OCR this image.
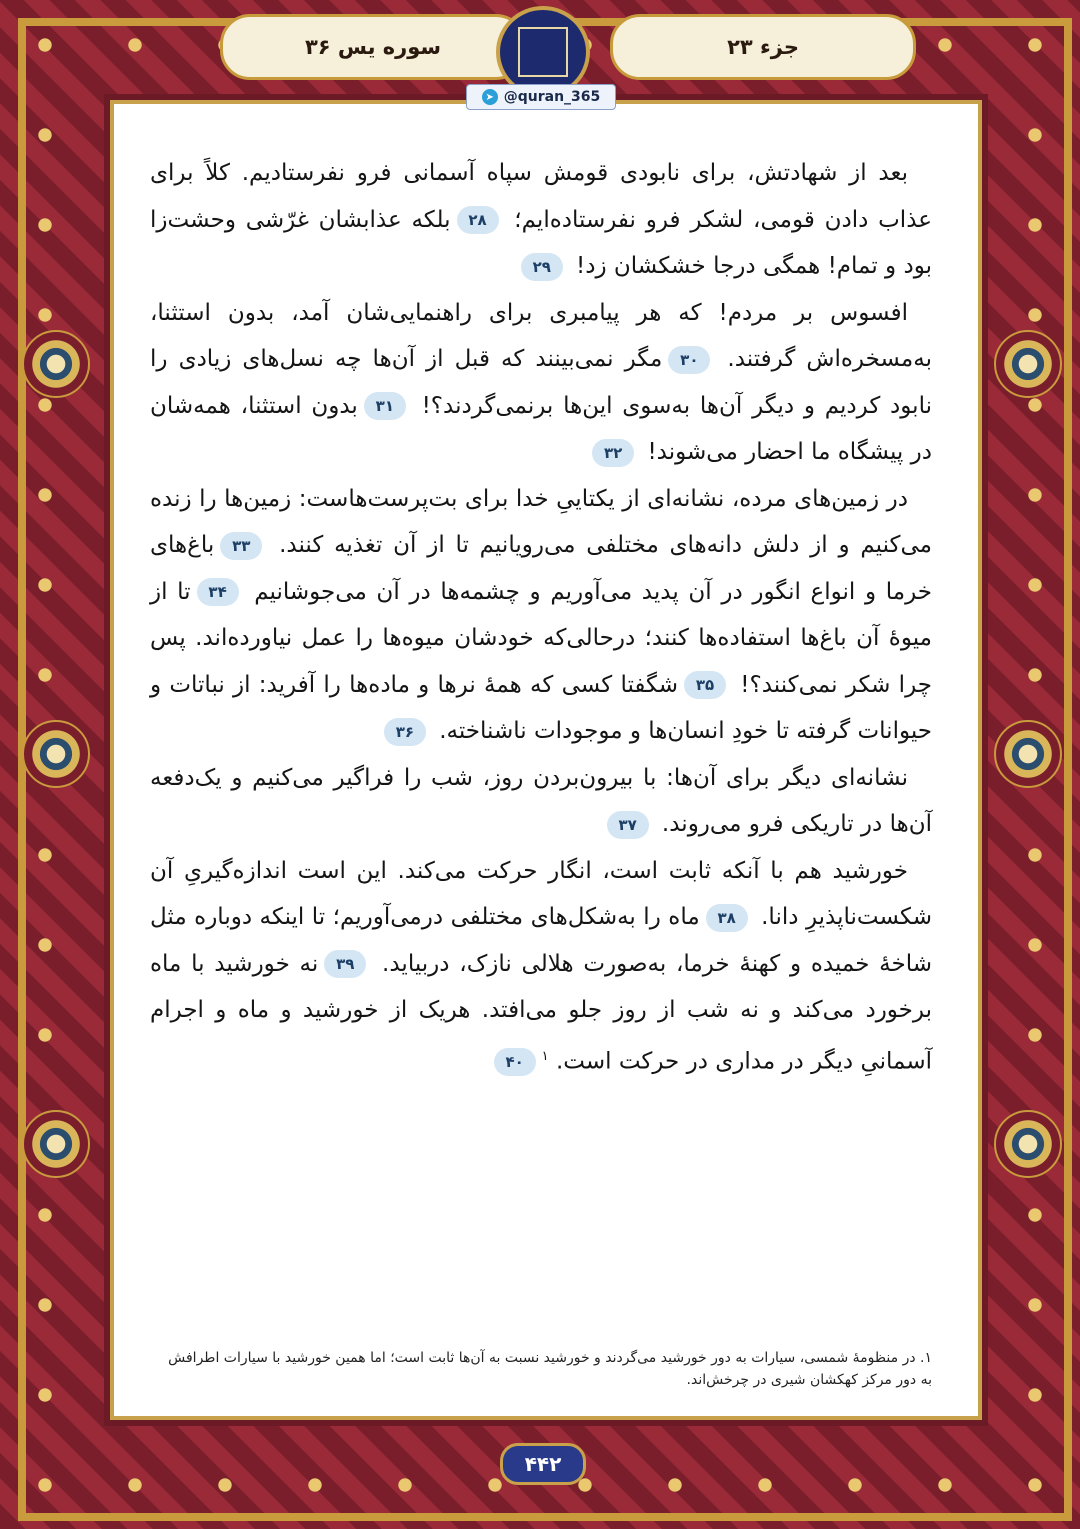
جزء ۲۳
سوره یس ۳۶
➤ @quran_365

بعد از شهادتش، برای نابودی قومش سپاه آسمانی فرو نفرستادیم. کلاً برای عذاب دادن قومی، لشکر فرو نفرستاده‌ایم؛ ۲۸بلکه عذابشان غرّشی وحشت‌زا بود و تمام! همگی درجا خشکشان زد! ۲۹

افسوس بر مردم! که هر پیامبری برای راهنمایی‌شان آمد، بدون استثنا، به‌مسخره‌اش گرفتند. ۳۰مگر نمی‌بینند که قبل از آن‌ها چه نسل‌های زیادی را نابود کردیم و دیگر آن‌ها به‌سوی این‌ها برنمی‌گردند؟! ۳۱بدون استثنا، همه‌شان در پیشگاه ما احضار می‌شوند! ۳۲

در زمین‌های مرده، نشانه‌ای از یکتاییِ خدا برای بت‌پرست‌هاست: زمین‌ها را زنده می‌کنیم و از دلش دانه‌های مختلفی می‌رویانیم تا از آن تغذیه کنند. ۳۳باغ‌های خرما و انواع انگور در آن پدید می‌آوریم و چشمه‌ها در آن می‌جوشانیم ۳۴تا از میوهٔ آن باغ‌ها استفاده‌ها کنند؛ درحالی‌که خودشان میوه‌ها را عمل نیاورده‌اند. پس چرا شکر نمی‌کنند؟! ۳۵شگفتا کسی که همهٔ نرها و ماده‌ها را آفرید: از نباتات و حیوانات گرفته تا خودِ انسان‌ها و موجودات ناشناخته. ۳۶

نشانه‌ای دیگر برای آن‌ها: با بیرون‌بردن روز، شب را فراگیر می‌کنیم و یک‌دفعه آن‌ها در تاریکی فرو می‌روند. ۳۷

خورشید هم با آنکه ثابت است، انگار حرکت می‌کند. این است اندازه‌گیریِ آن شکست‌ناپذیرِ دانا. ۳۸ماه را به‌شکل‌های مختلفی درمی‌آوریم؛ تا اینکه دوباره مثل شاخهٔ خمیده و کهنهٔ خرما، به‌صورت هلالی نازک، دربیاید. ۳۹نه خورشید با ماه برخورد می‌کند و نه شب از روز جلو می‌افتد. هریک از خورشید و ماه و اجرام آسمانیِ دیگر در مداری در حرکت است. $^۱$۴۰

۱. در منظومهٔ شمسی، سیارات به دور خورشید می‌گردند و خورشید نسبت به آن‌ها ثابت است؛ اما همین خورشید با سیارات اطرافش به دور مرکز کهکشان شیری در چرخش‌اند.
۴۴۲
